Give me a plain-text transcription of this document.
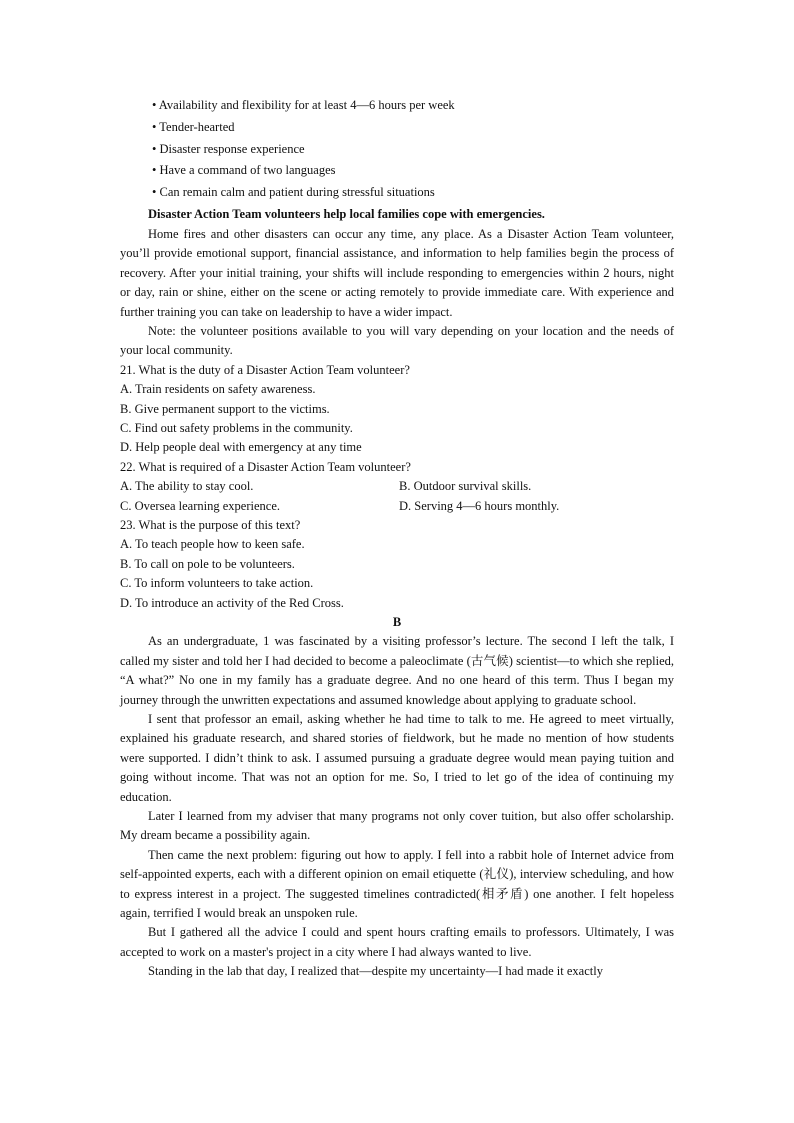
• Availability and flexibility for at least 4—6 hours per week
• Tender-hearted
• Disaster response experience
• Have a command of two languages
• Can remain calm and patient during stressful situations
Disaster Action Team volunteers help local families cope with emergencies.

Home fires and other disasters can occur any time, any place. As a Disaster Action Team volunteer, you’ll provide emotional support, financial assistance, and information to help families begin the process of recovery. After your initial training, your shifts will include responding to emergencies within 2 hours, night or day, rain or shine, either on the scene or acting remotely to provide immediate care. With experience and further training you can take on leadership to have a wider impact.

Note: the volunteer positions available to you will vary depending on your location and the needs of your local community.

21. What is the duty of a Disaster Action Team volunteer?
A. Train residents on safety awareness.
B. Give permanent support to the victims.
C. Find out safety problems in the community.
D. Help people deal with emergency at any time
22. What is required of a Disaster Action Team volunteer?
A. The ability to stay cool.	B. Outdoor survival skills.
C. Oversea learning experience.	D. Serving 4—6 hours monthly.
23. What is the purpose of this text?
A. To teach people how to keen safe.
B. To call on pole to be volunteers.
C. To inform volunteers to take action.
D. To introduce an activity of the Red Cross.
B

As an undergraduate, 1 was fascinated by a visiting professor’s lecture. The second I left the talk, I called my sister and told her I had decided to become a paleoclimate (古气候) scientist—to which she replied, “A what?” No one in my family has a graduate degree. And no one heard of this term. Thus I began my journey through the unwritten expectations and assumed knowledge about applying to graduate school.

I sent that professor an email, asking whether he had time to talk to me. He agreed to meet virtually, explained his graduate research, and shared stories of fieldwork, but he made no mention of how students were supported. I didn’t think to ask. I assumed pursuing a graduate degree would mean paying tuition and going without income. That was not an option for me. So, I tried to let go of the idea of continuing my education.

Later I learned from my adviser that many programs not only cover tuition, but also offer scholarship. My dream became a possibility again.

Then came the next problem: figuring out how to apply. I fell into a rabbit hole of Internet advice from self-appointed experts, each with a different opinion on email etiquette (礼仪), interview scheduling, and how to express interest in a project. The suggested timelines contradicted(相矛盾) one another. I felt hopeless again, terrified I would break an unspoken rule.

But I gathered all the advice I could and spent hours crafting emails to professors. Ultimately, I was accepted to work on a master's project in a city where I had always wanted to live.

Standing in the lab that day, I realized that—despite my uncertainty—I had made it exactly
